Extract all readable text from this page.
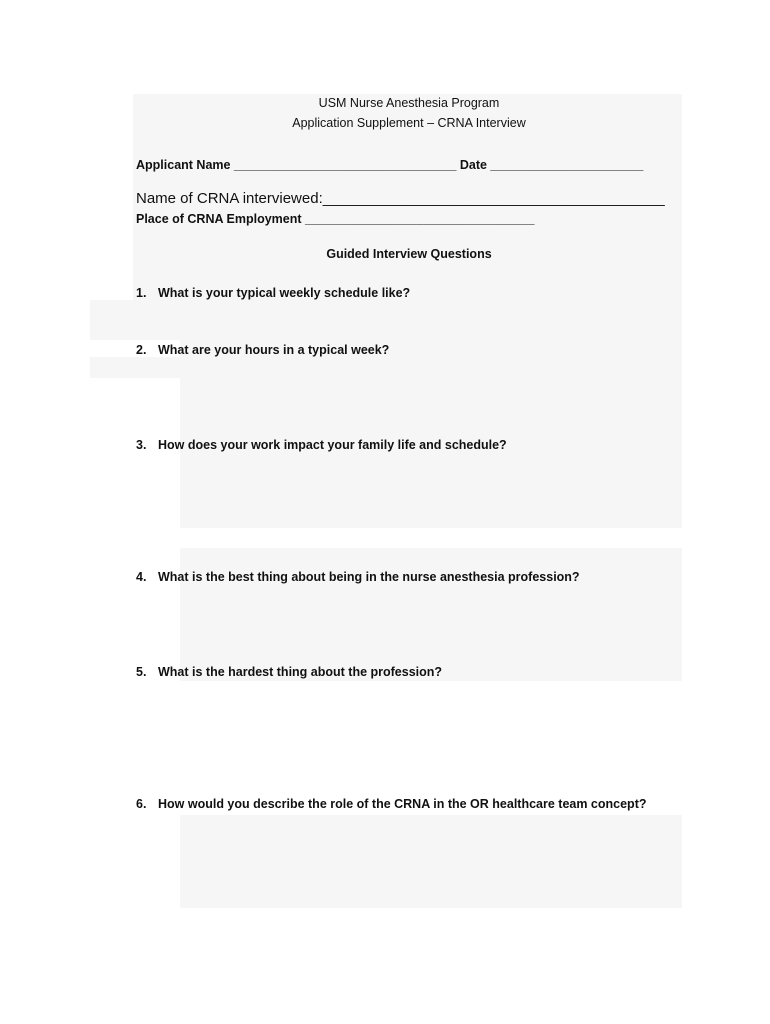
USM Nurse Anesthesia Program
Application Supplement – CRNA Interview
Applicant Name ________________________________ Date ______________________
Name of CRNA interviewed:_________________________________________
Place of CRNA Employment _________________________________
Guided Interview Questions
1. What is your typical weekly schedule like?
2. What are your hours in a typical week?
3. How does your work impact your family life and schedule?
4. What is the best thing about being in the nurse anesthesia profession?
5. What is the hardest thing about the profession?
6. How would you describe the role of the CRNA in the OR healthcare team concept?
